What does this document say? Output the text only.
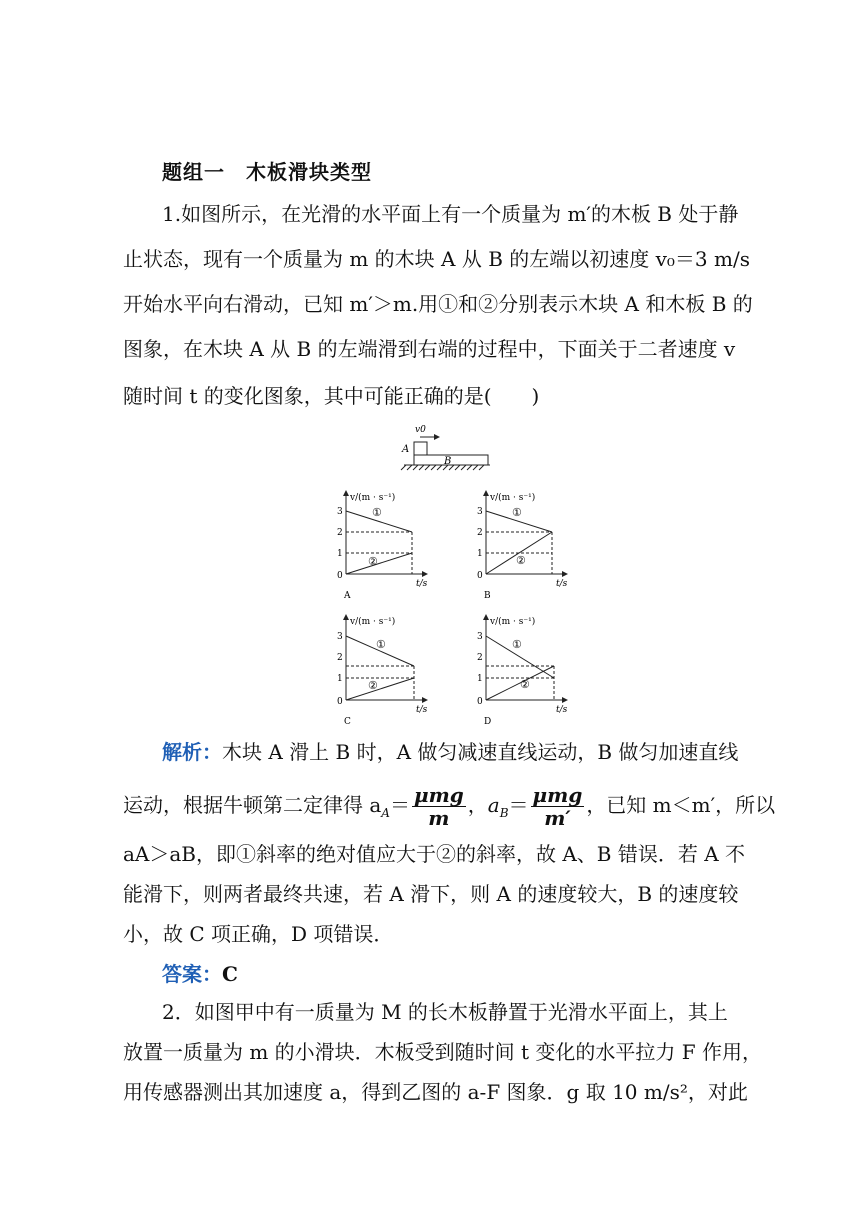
题组一　木板滑块类型
1.如图所示，在光滑的水平面上有一个质量为 m′的木板 B 处于静
止状态，现有一个质量为 m 的木块 A 从 B 的左端以初速度 v₀＝3 m/s
开始水平向右滑动，已知 m′＞m.用①和②分别表示木块 A 和木板 B 的
图象，在木块 A 从 B 的左端滑到右端的过程中，下面关于二者速度 v
随时间 t 的变化图象，其中可能正确的是(　　)
v0
A
B
v/(m · s⁻¹)
t/s
3
2
1
0
①
②
A
v/(m · s⁻¹)
t/s
3
2
1
0
①
②
B
v/(m · s⁻¹)
t/s
3
2
1
0
①
②
C
v/(m · s⁻¹)
t/s
3
2
1
0
①
②
D
解析：木块 A 滑上 B 时，A 做匀减速直线运动，B 做匀加速直线
运动，根据牛顿第二定律得 $a_A= \frac{\text{μmg}}{m}$ ，$a_B= \frac{\text{μmg}}{m'}$ ，已知 m＜m′，所以
aA＞aB，即①斜率的绝对值应大于②的斜率，故 A、B 错误．若 A 不
能滑下，则两者最终共速，若 A 滑下，则 A 的速度较大，B 的速度较
小，故 C 项正确，D 项错误．
答案：C
2．如图甲中有一质量为 M 的长木板静置于光滑水平面上，其上
放置一质量为 m 的小滑块．木板受到随时间 t 变化的水平拉力 F 作用，
用传感器测出其加速度 a，得到乙图的 a-F 图象．g 取 10 m/s²，对此
